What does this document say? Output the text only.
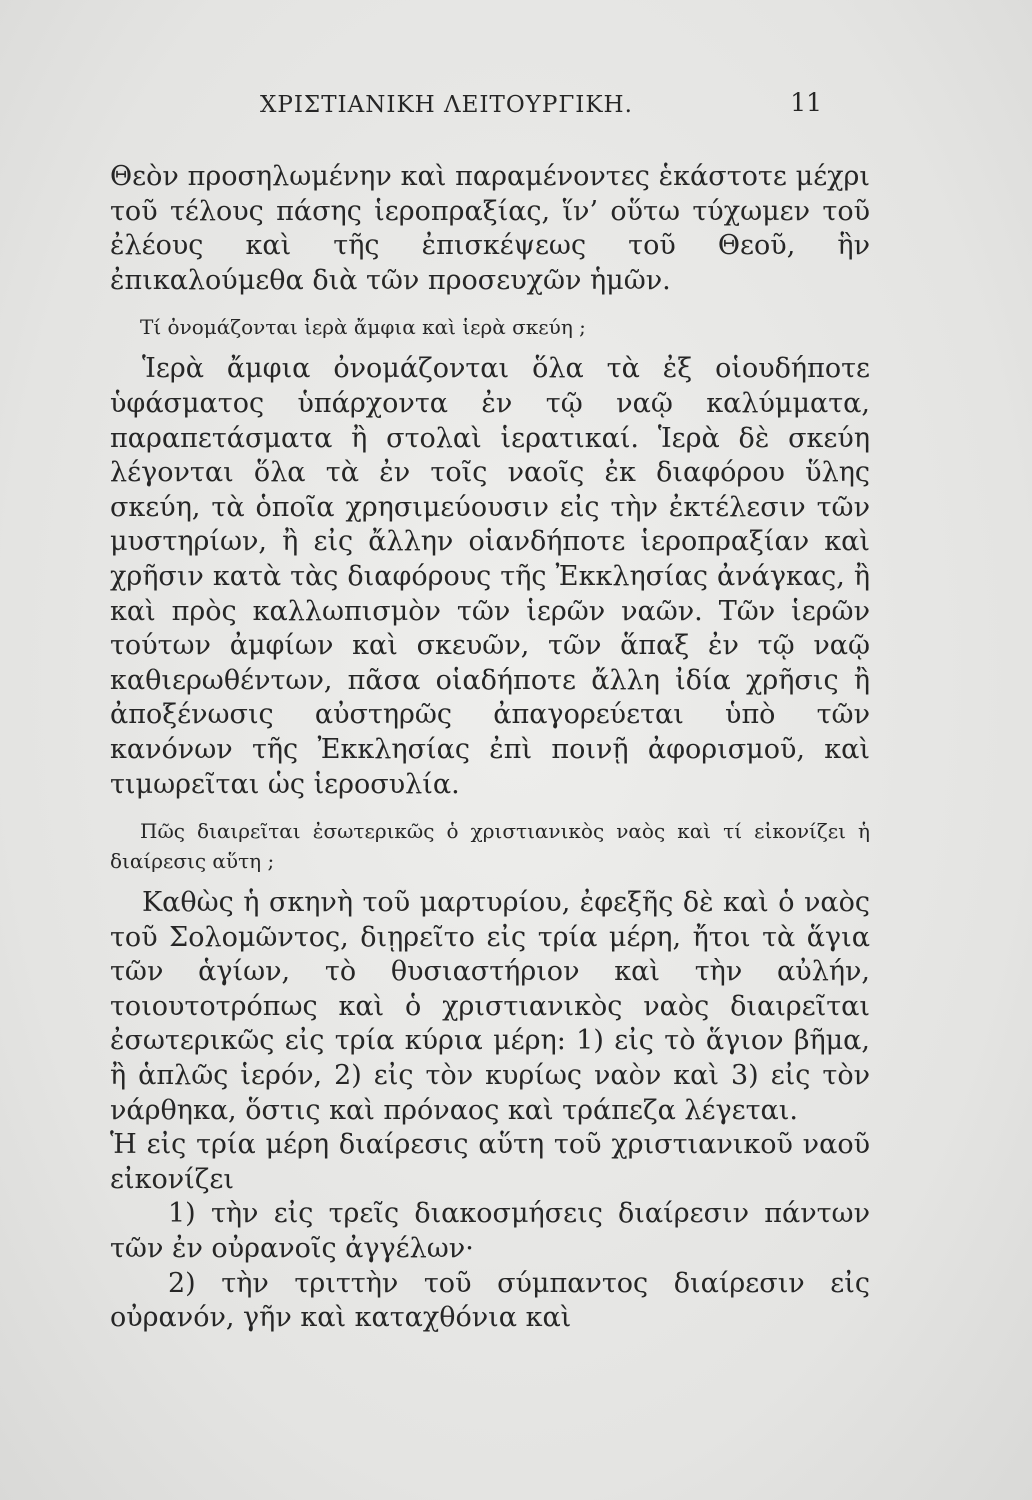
ΧΡΙΣΤΙΑΝΙΚΗ ΛΕΙΤΟΥΡΓΙΚΗ.	11

Θεὸν προσηλωμένην καὶ παραμένοντες ἑκάστοτε μέχρι τοῦ τέλους πάσης ἱεροπραξίας, ἵν’ οὕτω τύχωμεν τοῦ ἐλέους καὶ τῆς ἐπισκέψεως τοῦ Θεοῦ, ἣν ἐπικαλούμεθα διὰ τῶν προσευχῶν ἡμῶν.

Τί ὀνομάζονται ἱερὰ ἄμφια καὶ ἱερὰ σκεύη ;

Ἱερὰ ἄμφια ὀνομάζονται ὅλα τὰ ἐξ οἱουδήποτε ὑφάσματος ὑπάρχοντα ἐν τῷ ναῷ καλύμματα, παραπετάσματα ἢ στολαὶ ἱερατικαί. Ἱερὰ δὲ σκεύη λέγονται ὅλα τὰ ἐν τοῖς ναοῖς ἐκ διαφόρου ὕλης σκεύη, τὰ ὁποῖα χρησιμεύουσιν εἰς τὴν ἐκτέλεσιν τῶν μυστηρίων, ἢ εἰς ἄλλην οἱανδήποτε ἱεροπραξίαν καὶ χρῆσιν κατὰ τὰς διαφόρους τῆς Ἐκκλησίας ἀνάγκας, ἢ καὶ πρὸς καλλωπισμὸν τῶν ἱερῶν ναῶν. Τῶν ἱερῶν τούτων ἀμφίων καὶ σκευῶν, τῶν ἅπαξ ἐν τῷ ναῷ καθιερωθέντων, πᾶσα οἱαδήποτε ἄλλη ἰδία χρῆσις ἢ ἀποξένωσις αὐστηρῶς ἀπαγορεύεται ὑπὸ τῶν κανόνων τῆς Ἐκκλησίας ἐπὶ ποινῇ ἀφορισμοῦ, καὶ τιμωρεῖται ὡς ἱεροσυλία.

Πῶς διαιρεῖται ἐσωτερικῶς ὁ χριστιανικὸς ναὸς καὶ τί εἰκονίζει ἡ διαίρεσις αὕτη ;

Καθὼς ἡ σκηνὴ τοῦ μαρτυρίου, ἐφεξῆς δὲ καὶ ὁ ναὸς τοῦ Σολομῶντος, διῃρεῖτο εἰς τρία μέρη, ἤτοι τὰ ἅγια τῶν ἁγίων, τὸ θυσιαστήριον καὶ τὴν αὐλήν, τοιουτοτρόπως καὶ ὁ χριστιανικὸς ναὸς διαιρεῖται ἐσωτερικῶς εἰς τρία κύρια μέρη: 1) εἰς τὸ ἅγιον βῆμα, ἢ ἁπλῶς ἱερόν, 2) εἰς τὸν κυρίως ναὸν καὶ 3) εἰς τὸν νάρθηκα, ὅστις καὶ πρόναος καὶ τράπεζα λέγεται.

Ἡ εἰς τρία μέρη διαίρεσις αὕτη τοῦ χριστιανικοῦ ναοῦ εἰκονίζει

1) τὴν εἰς τρεῖς διακοσμήσεις διαίρεσιν πάντων τῶν ἐν οὐρανοῖς ἀγγέλων·

2) τὴν τριττὴν τοῦ σύμπαντος διαίρεσιν εἰς οὐρανόν, γῆν καὶ καταχθόνια καὶ
